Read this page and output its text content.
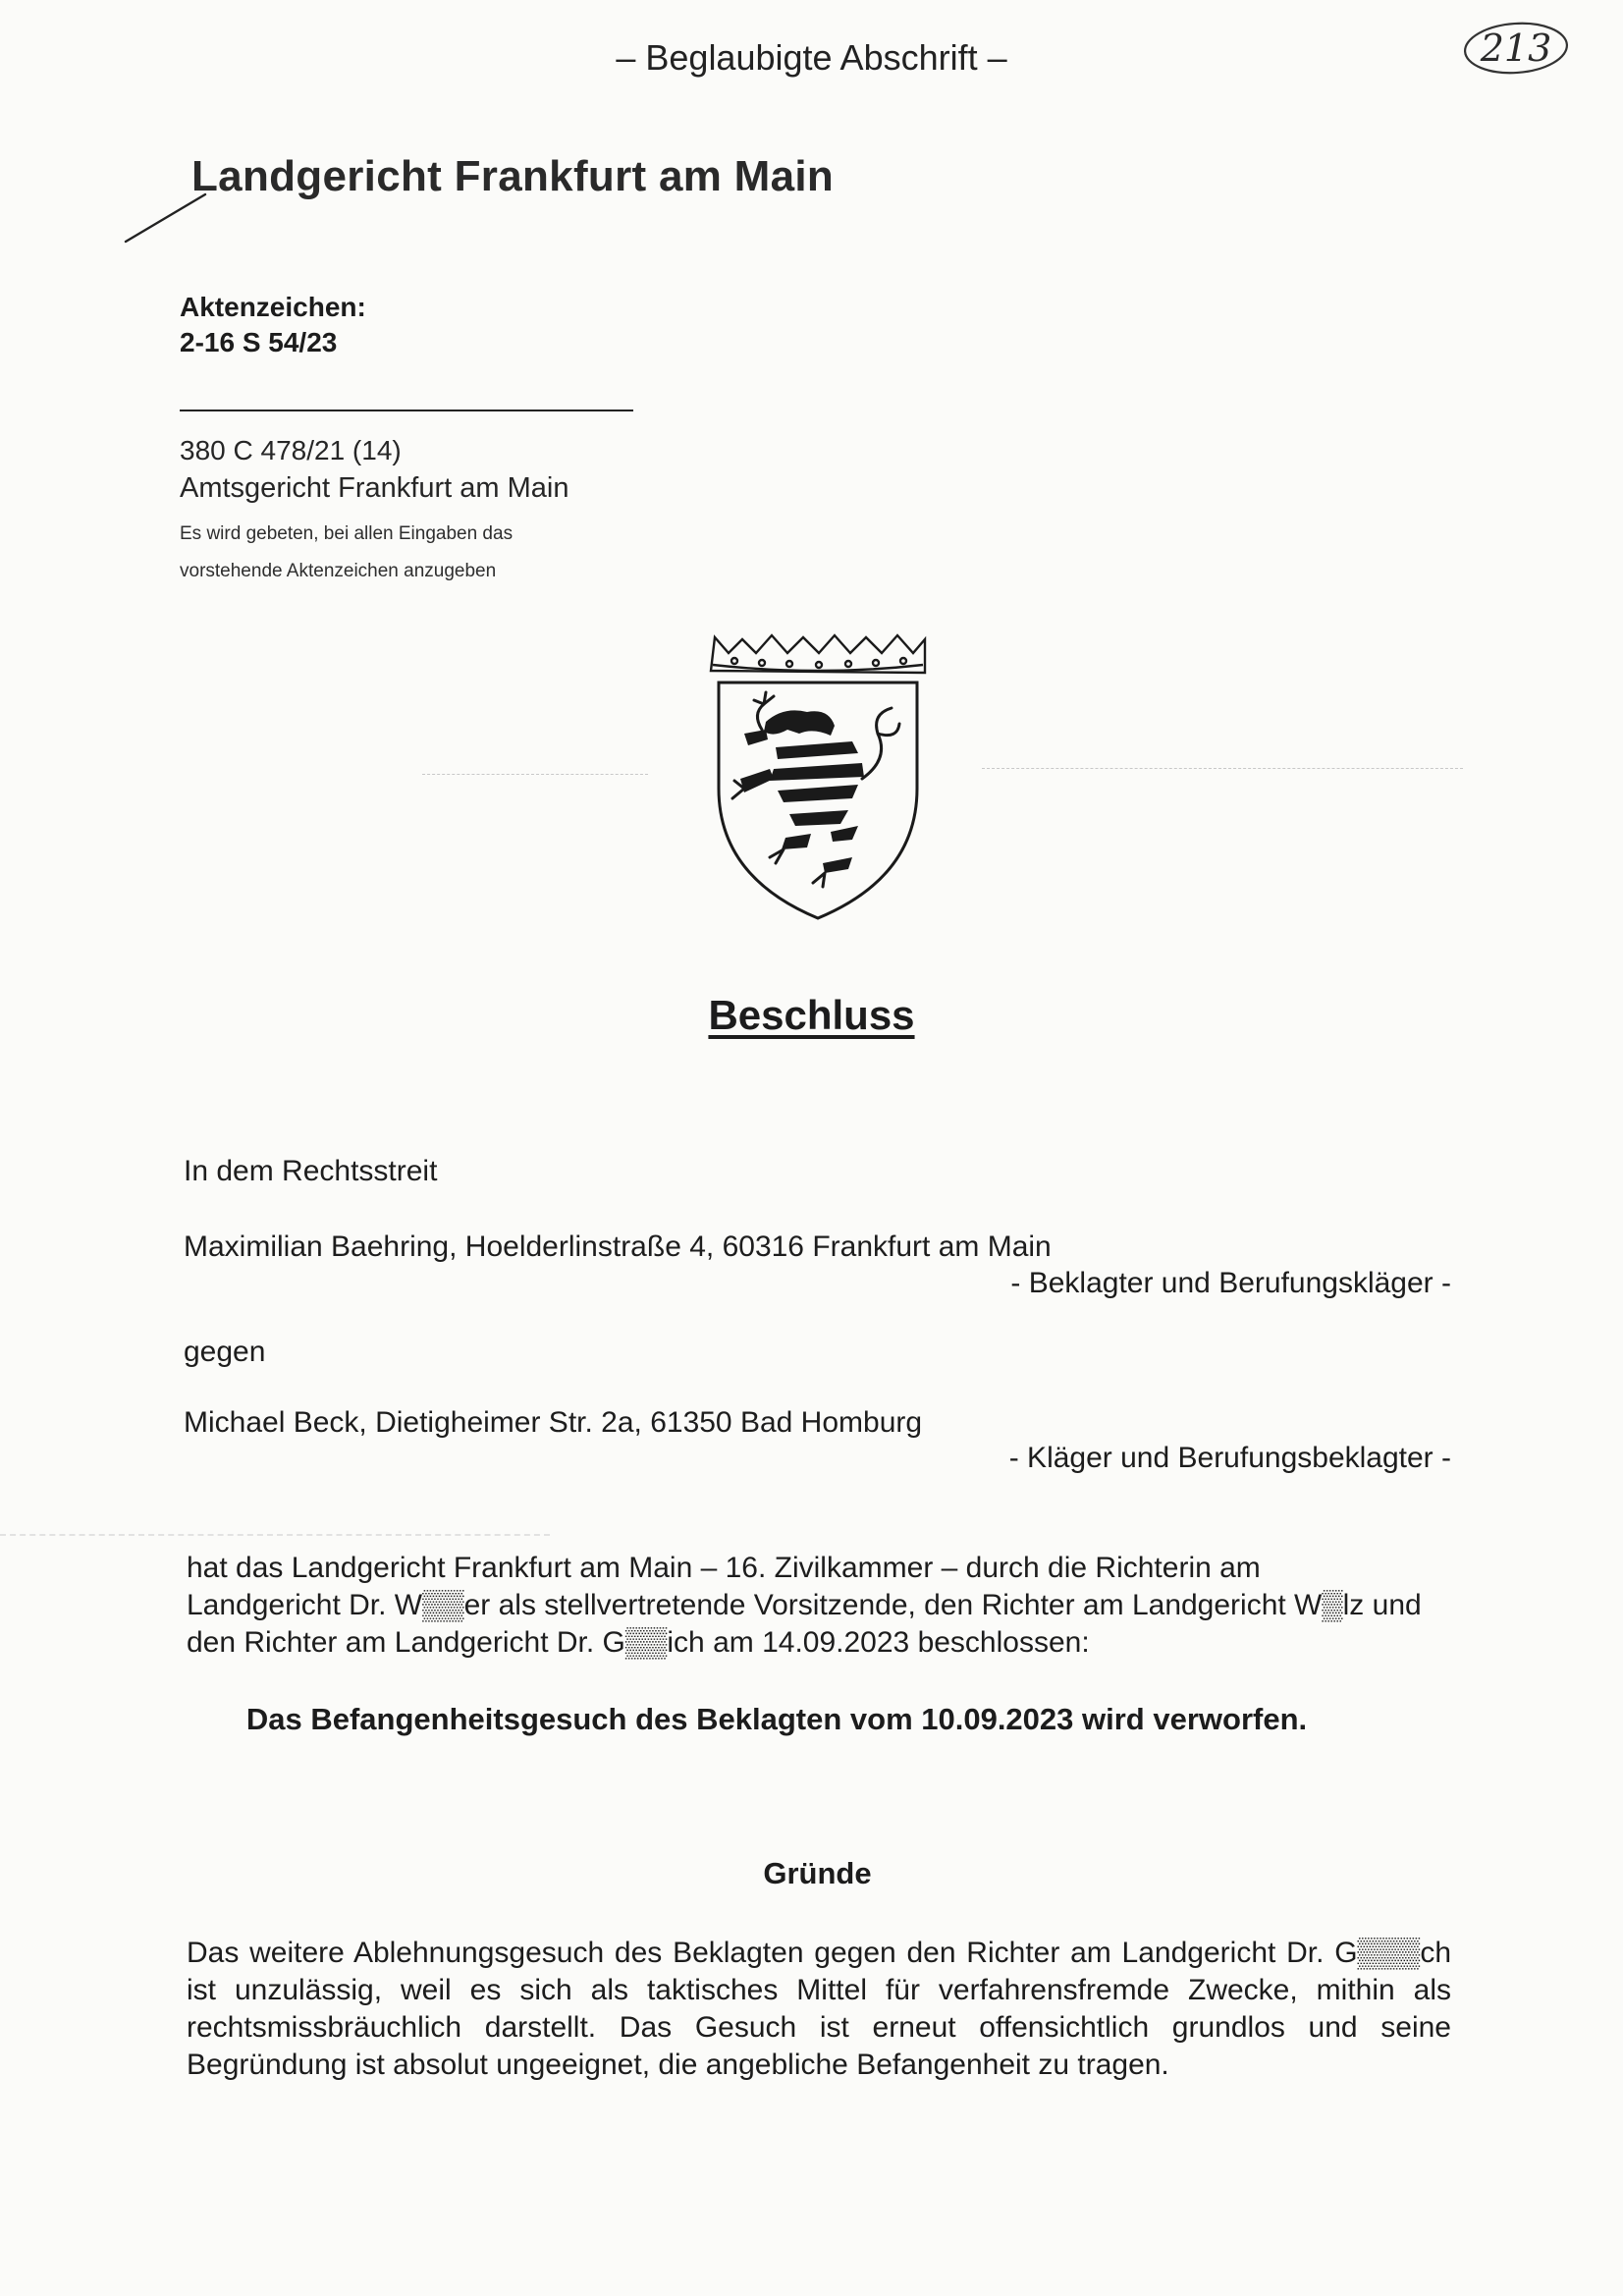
– Beglaubigte Abschrift –	213
Landgericht Frankfurt am Main
Aktenzeichen:
2-16 S 54/23
380 C 478/21 (14)
Amtsgericht Frankfurt am Main
Es wird gebeten, bei allen Eingaben das
vorstehende Aktenzeichen anzugeben
Beschluss
In dem Rechtsstreit
Maximilian Baehring, Hoelderlinstraße 4, 60316 Frankfurt am Main
- Beklagter und Berufungskläger -
gegen
Michael Beck, Dietigheimer Str. 2a, 61350 Bad Homburg
- Kläger und Berufungsbeklagter -
hat das Landgericht Frankfurt am Main – 16. Zivilkammer – durch die Richterin am
Landgericht Dr. W▒▒er als stellvertretende Vorsitzende, den Richter am Landgericht W▒lz und
den Richter am Landgericht Dr. G▒▒ich am 14.09.2023 beschlossen:
Das Befangenheitsgesuch des Beklagten vom 10.09.2023 wird verworfen.
Gründe
Das weitere Ablehnungsgesuch des Beklagten gegen den Richter am Landgericht Dr. G▒▒▒ch ist unzulässig, weil es sich als taktisches Mittel für verfahrensfremde Zwecke, mithin als rechtsmissbräuchlich darstellt. Das Gesuch ist erneut offensichtlich grundlos und seine Begründung ist absolut ungeeignet, die angebliche Befangenheit zu tragen.
